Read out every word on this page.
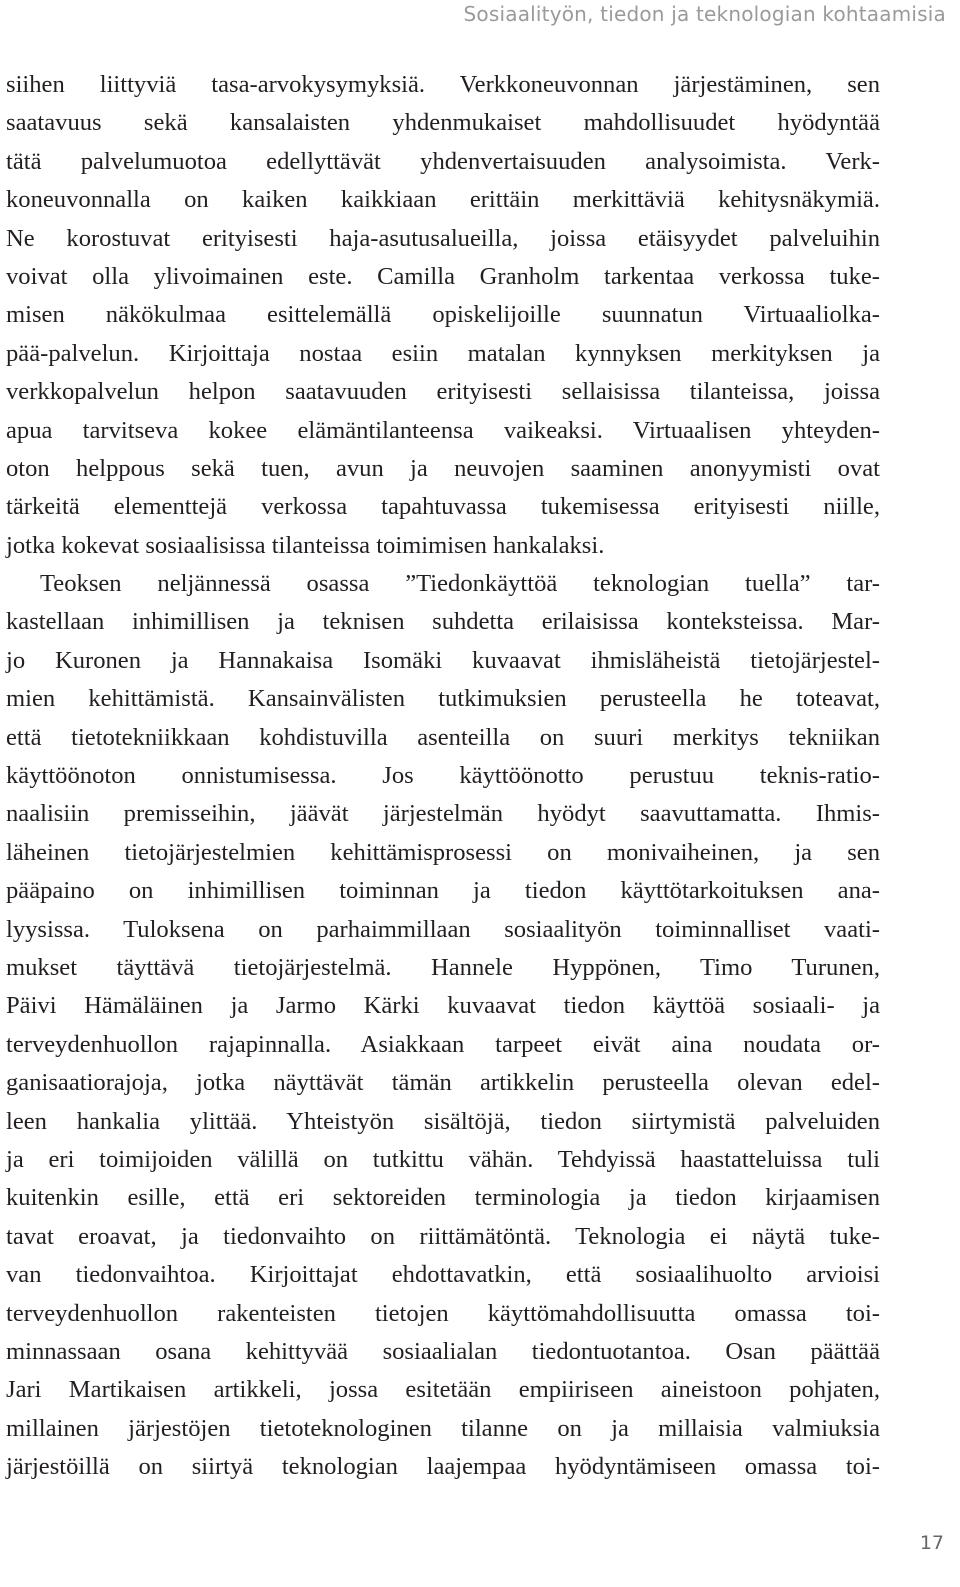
Sosiaalityön, tiedon ja teknologian kohtaamisia
siihen liittyviä tasa-arvokysymyksiä. Verkkoneuvonnan järjestäminen, sen
saatavuus sekä kansalaisten yhdenmukaiset mahdollisuudet hyödyntää
tätä palvelumuotoa edellyttävät yhdenvertaisuuden analysoimista. Verk-
koneuvonnalla on kaiken kaikkiaan erittäin merkittäviä kehitysnäkymiä.
Ne korostuvat erityisesti haja-asutusalueilla, joissa etäisyydet palveluihin
voivat olla ylivoimainen este. Camilla Granholm tarkentaa verkossa tuke-
misen näkökulmaa esittelemällä opiskelijoille suunnatun Virtuaaliolka-
pää-palvelun. Kirjoittaja nostaa esiin matalan kynnyksen merkityksen ja
verkkopalvelun helpon saatavuuden erityisesti sellaisissa tilanteissa, joissa
apua tarvitseva kokee elämäntilanteensa vaikeaksi. Virtuaalisen yhteyden-
oton helppous sekä tuen, avun ja neuvojen saaminen anonyymisti ovat
tärkeitä elementtejä verkossa tapahtuvassa tukemisessa erityisesti niille,
jotka kokevat sosiaalisissa tilanteissa toimimisen hankalaksi.
Teoksen neljännessä osassa ”Tiedonkäyttöä teknologian tuella” tar-
kastellaan inhimillisen ja teknisen suhdetta erilaisissa konteksteissa. Mar-
jo Kuronen ja Hannakaisa Isomäki kuvaavat ihmisläheistä tietojärjestel-
mien kehittämistä. Kansainvälisten tutkimuksien perusteella he toteavat,
että tietotekniikkaan kohdistuvilla asenteilla on suuri merkitys tekniikan
käyttöönoton onnistumisessa. Jos käyttöönotto perustuu teknis-ratio-
naalisiin premisseihin, jäävät järjestelmän hyödyt saavuttamatta. Ihmis-
läheinen tietojärjestelmien kehittämisprosessi on monivaiheinen, ja sen
pääpaino on inhimillisen toiminnan ja tiedon käyttötarkoituksen ana-
lyysissa. Tuloksena on parhaimmillaan sosiaalityön toiminnalliset vaati-
mukset täyttävä tietojärjestelmä. Hannele Hyppönen, Timo Turunen,
Päivi Hämäläinen ja Jarmo Kärki kuvaavat tiedon käyttöä sosiaali- ja
terveydenhuollon rajapinnalla. Asiakkaan tarpeet eivät aina noudata or-
ganisaatiorajoja, jotka näyttävät tämän artikkelin perusteella olevan edel-
leen hankalia ylittää. Yhteistyön sisältöjä, tiedon siirtymistä palveluiden
ja eri toimijoiden välillä on tutkittu vähän. Tehdyissä haastatteluissa tuli
kuitenkin esille, että eri sektoreiden terminologia ja tiedon kirjaamisen
tavat eroavat, ja tiedonvaihto on riittämätöntä. Teknologia ei näytä tuke-
van tiedonvaihtoa. Kirjoittajat ehdottavatkin, että sosiaalihuolto arvioisi
terveydenhuollon rakenteisten tietojen käyttömahdollisuutta omassa toi-
minnassaan osana kehittyvää sosiaalialan tiedontuotantoa. Osan päättää
Jari Martikaisen artikkeli, jossa esitetään empiiriseen aineistoon pohjaten,
millainen järjestöjen tietoteknologinen tilanne on ja millaisia valmiuksia
järjestöillä on siirtyä teknologian laajempaa hyödyntämiseen omassa toi-
17
